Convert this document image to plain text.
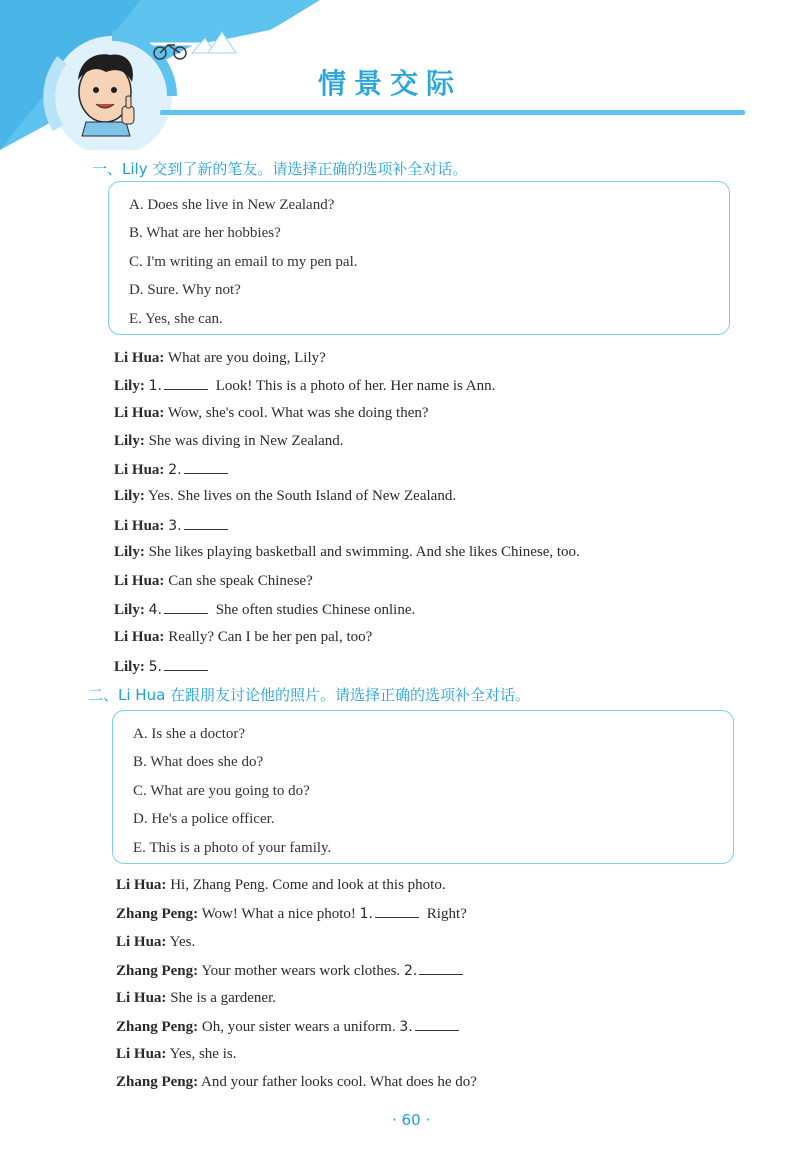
情景交际
一、Lily 交到了新的笔友。请选择正确的选项补全对话。
A. Does she live in New Zealand?
B. What are her hobbies?
C. I'm writing an email to my pen pal.
D. Sure. Why not?
E. Yes, she can.
Li Hua: What are you doing, Lily?
Lily: 1.	Look! This is a photo of her. Her name is Ann.
Li Hua: Wow, she's cool. What was she doing then?
Lily: She was diving in New Zealand.
Li Hua: 2.
Lily: Yes. She lives on the South Island of New Zealand.
Li Hua: 3.
Lily: She likes playing basketball and swimming. And she likes Chinese, too.
Li Hua: Can she speak Chinese?
Lily: 4.	She often studies Chinese online.
Li Hua: Really? Can I be her pen pal, too?
Lily: 5.
二、Li Hua 在跟朋友讨论他的照片。请选择正确的选项补全对话。
A. Is she a doctor?
B. What does she do?
C. What are you going to do?
D. He's a police officer.
E. This is a photo of your family.
Li Hua: Hi, Zhang Peng. Come and look at this photo.
Zhang Peng: Wow! What a nice photo! 1.	Right?
Li Hua: Yes.
Zhang Peng: Your mother wears work clothes. 2.
Li Hua: She is a gardener.
Zhang Peng: Oh, your sister wears a uniform. 3.
Li Hua: Yes, she is.
Zhang Peng: And your father looks cool. What does he do?
· 60 ·
